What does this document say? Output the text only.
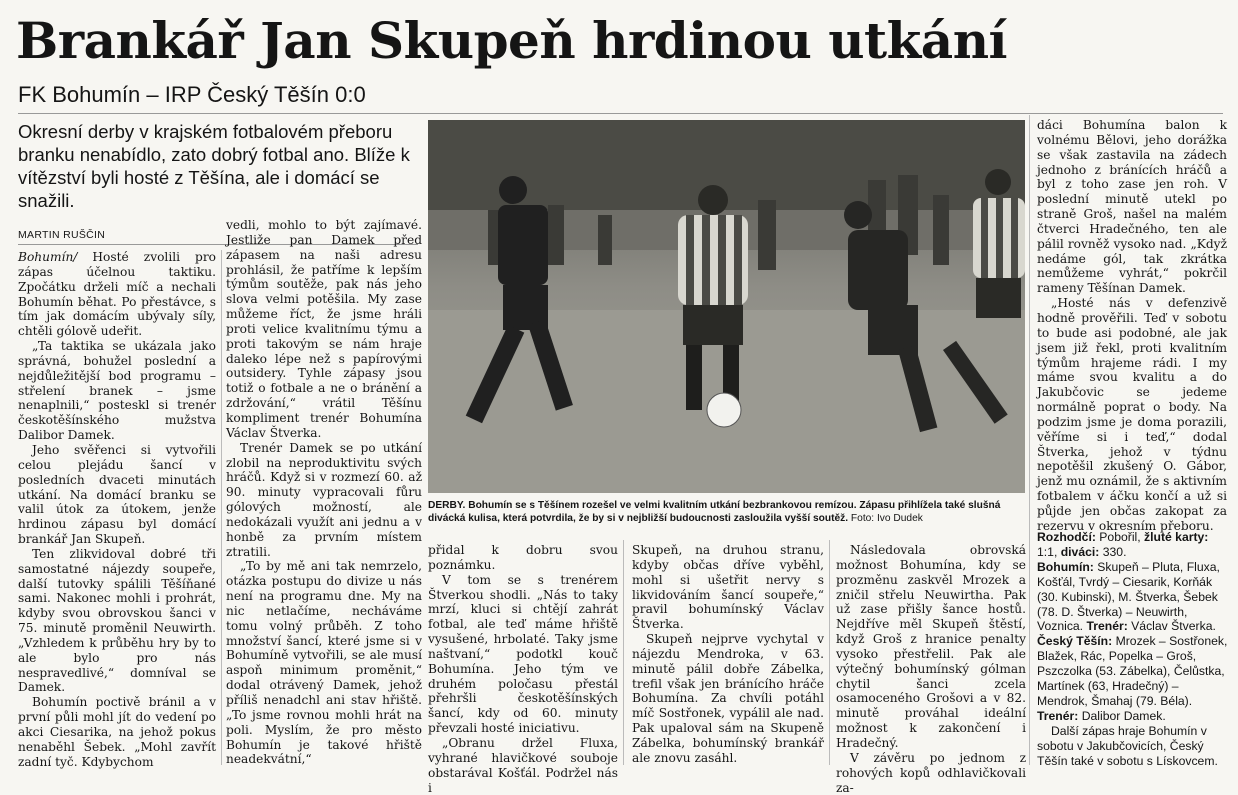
Brankář Jan Skupeň hrdinou utkání
FK Bohumín – IRP Český Těšín 0:0
Okresní derby v krajském fotbalovém přeboru branku nenabídlo, zato dobrý fotbal ano. Blíže k vítězství byli hosté z Těšína, ale i domácí se snažili.
MARTIN RUŠČIN

Bohumín/ Hosté zvolili pro zápas účelnou taktiku. Zpočátku drželi míč a nechali Bohumín běhat. Po přestávce, s tím jak domácím ubývaly síly, chtěli gólově udeřit.

„Ta taktika se ukázala jako správná, bohužel poslední a nejdůležitější bod programu – střelení branek – jsme nenaplnili,“ posteskl si trenér českotěšínského mužstva Dalibor Damek.

Jeho svěřenci si vytvořili celou plejádu šancí v posledních dvaceti minutách utkání. Na domácí branku se valil útok za útokem, jenže hrdinou zápasu byl domácí brankář Jan Skupeň.

Ten zlikvidoval dobré tři samostatné nájezdy soupeře, další tutovky spálili Těšíňané sami. Nakonec mohli i prohrát, kdyby svou obrovskou šanci v 75. minutě proměnil Neuwirth. „Vzhledem k průběhu hry by to ale bylo pro nás nespravedlivé,“ domníval se Damek.

Bohumín poctivě bránil a v první půli mohl jít do vedení po akci Ciesarika, na jehož pokus nenaběhl Šebek. „Mohl zavřít zadní tyč. Kdybychom

vedli, mohlo to být zajímavé. Jestliže pan Damek před zápasem na naši adresu prohlásil, že patříme k lepším týmům soutěže, pak nás jeho slova velmi potěšila. My zase můžeme říct, že jsme hráli proti velice kvalitnímu týmu a proti takovým se nám hraje daleko lépe než s papírovými outsidery. Tyhle zápasy jsou totiž o fotbale a ne o bránění a zdržování,“ vrátil Těšínu kompliment trenér Bohumína Václav Štverka.

Trenér Damek se po utkání zlobil na neproduktivitu svých hráčů. Když si v rozmezí 60. až 90. minuty vypracovali fůru gólových možností, ale nedokázali využít ani jednu a v honbě za prvním místem ztratili.

„To by mě ani tak nemrzelo, otázka postupu do divize u nás není na programu dne. My na nic netlačíme, necháváme tomu volný průběh. Z toho množství šancí, které jsme si v Bohumíně vytvořili, se ale musí aspoň minimum proměnit,“ dodal otrávený Damek, jehož příliš nenadchl ani stav hřiště. „To jsme rovnou mohli hrát na poli. Myslím, že pro město Bohumín je takové hřiště neadekvátní,“

DERBY. Bohumín se s Těšínem rozešel ve velmi kvalitním utkání bezbrankovou remízou. Zápasu přihlížela také slušná divácká kulisa, která potvrdila, že by si v nejbližší budoucnosti zasloužila vyšší soutěž. Foto: Ivo Dudek

přidal k dobru svou poznámku.

V tom se s trenérem Štverkou shodli. „Nás to taky mrzí, kluci si chtějí zahrát fotbal, ale teď máme hřiště vysušené, hrbolaté. Taky jsme naštvaní,“ podotkl kouč Bohumína. Jeho tým ve druhém poločasu přestál přehršli českotěšínských šancí, kdy od 60. minuty převzali hosté iniciativu.

„Obranu držel Fluxa, vyhrané hlavičkové souboje obstarával Košťál. Podržel nás i

Skupeň, na druhou stranu, kdyby občas dříve vyběhl, mohl si ušetřit nervy s likvidováním šancí soupeře,“ pravil bohumínský Václav Štverka.

Skupeň nejprve vychytal v nájezdu Mendroka, v 63. minutě pálil dobře Zábelka, trefil však jen bránícího hráče Bohumína. Za chvíli potáhl míč Sostřonek, vypálil ale nad. Pak upaloval sám na Skupeně Zábelka, bohumínský brankář ale znovu zasáhl.

Následovala obrovská možnost Bohumína, kdy se prozměnu zaskvěl Mrozek a zničil střelu Neuwirtha. Pak už zase přišly šance hostů. Nejdříve měl Skupeň štěstí, když Groš z hranice penalty vysoko přestřelil. Pak ale výtečný bohumínský gólman chytil šanci zcela osamoceného Grošovi a v 82. minutě prováhal ideální možnost k zakončení i Hradečný.

V závěru po jednom z rohových kopů odhlavičkovali za-

dáci Bohumína balon k volnému Bělovi, jeho dorážka se však zastavila na zádech jednoho z bránících hráčů a byl z toho zase jen roh. V poslední minutě utekl po straně Groš, našel na malém čtverci Hradečného, ten ale pálil rovněž vysoko nad. „Když nedáme gól, tak zkrátka nemůžeme vyhrát,“ pokrčil rameny Těšínan Damek.

„Hosté nás v defenzivě hodně prověřili. Teď v sobotu to bude asi podobné, ale jak jsem již řekl, proti kvalitním týmům hrajeme rádi. I my máme svou kvalitu a do Jakubčovic se jedeme normálně poprat o body. Na podzim jsme je doma porazili, věříme si i teď,“ dodal Štverka, jehož v týdnu nepotěšil zkušený O. Gábor, jenž mu oznámil, že s aktivním fotbalem v áčku končí a už si půjde jen občas zakopat za rezervu v okresním přeboru.

Rozhodčí: Pobořil, žluté karty: 1:1, diváci: 330.

Bohumín: Skupeň – Pluta, Fluxa, Košťál, Tvrdý – Ciesarik, Korňák (30. Kubinski), M. Štverka, Šebek (78. D. Štverka) – Neuwirth, Voznica. Trenér: Václav Štverka.

Český Těšín: Mrozek – Sostřonek, Blažek, Rác, Popelka – Groš, Pszczolka (53. Zábelka), Čelůstka, Martínek (63, Hradečný) – Mendrok, Šmahaj (79. Béla). Trenér: Dalibor Damek.

Další zápas hraje Bohumín v sobotu v Jakubčovicích, Český Těšín také v sobotu s Lískovcem.
